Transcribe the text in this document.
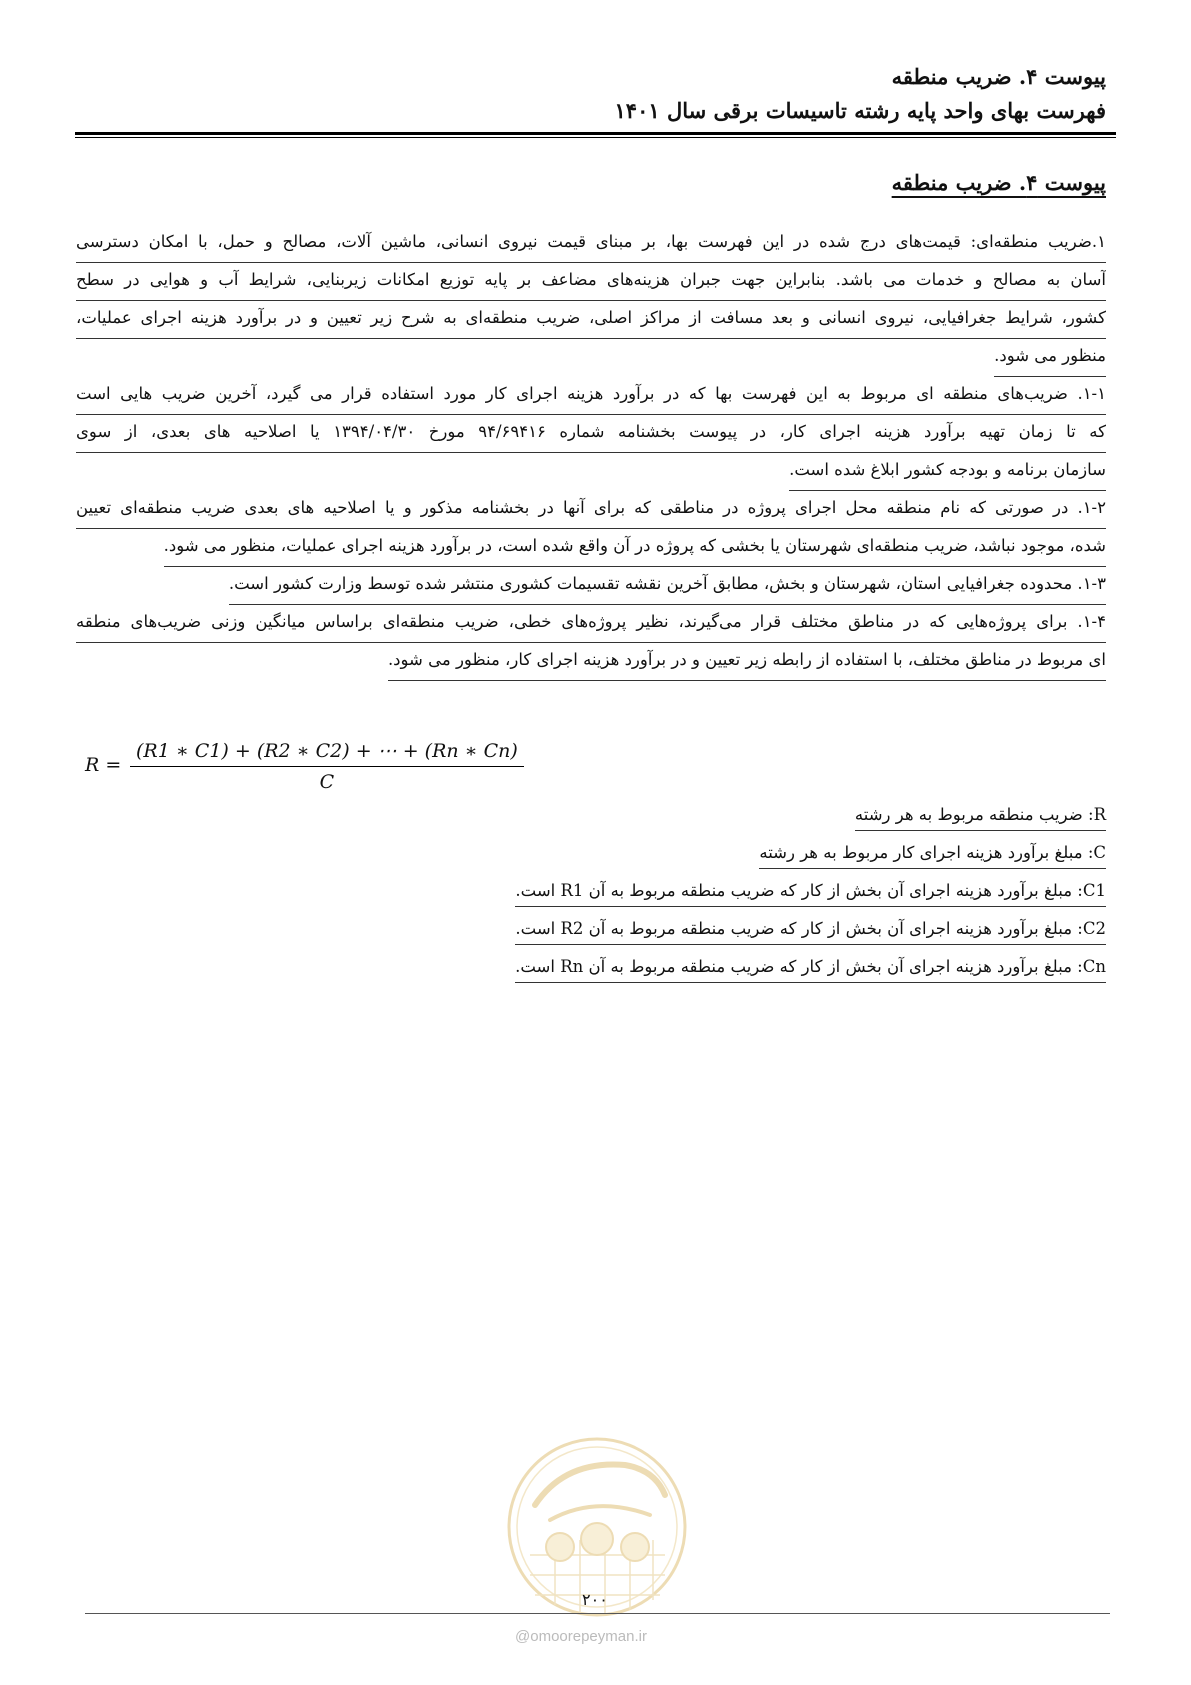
پیوست ۴. ضریب منطقه
فهرست بهای واحد پایه رشته تاسیسات برقی سال ۱۴۰۱
پیوست ۴. ضریب منطقه
۱.ضریب منطقه‌ای: قیمت‌های درج شده در این فهرست بها، بر مبنای قیمت نیروی انسانی، ماشین آلات، مصالح و حمل، با امکان دسترسی
آسان به مصالح و خدمات می باشد. بنابراین جهت جبران هزینه‌های مضاعف بر پایه توزیع امکانات زیربنایی، شرایط آب و هوایی در سطح
کشور، شرایط جغرافیایی، نیروی انسانی و بعد مسافت از مراکز اصلی، ضریب منطقه‌ای به شرح زیر تعیین و در برآورد هزینه اجرای عملیات،
منظور می شود.
۱-۱. ضریب‌های منطقه ای مربوط به این فهرست بها که در برآورد هزینه اجرای کار مورد استفاده قرار می گیرد، آخرین ضریب هایی است
که تا زمان تهیه برآورد هزینه اجرای کار، در پیوست بخشنامه شماره ۹۴/۶۹۴۱۶ مورخ ۱۳۹۴/۰۴/۳۰ یا اصلاحیه های بعدی، از سوی
سازمان برنامه و بودجه کشور ابلاغ شده است.
۱-۲. در صورتی که نام منطقه محل اجرای پروژه در مناطقی که برای آنها در بخشنامه مذکور و یا اصلاحیه های بعدی ضریب منطقه‌ای تعیین
شده، موجود نباشد، ضریب منطقه‌ای شهرستان یا بخشی که پروژه در آن واقع شده است، در برآورد هزینه اجرای عملیات، منظور می شود.
۱-۳. محدوده جغرافیایی استان، شهرستان و بخش، مطابق آخرین نقشه تقسیمات کشوری منتشر شده توسط وزارت کشور است.
۱-۴. برای پروژه‌هایی که در مناطق مختلف قرار می‌گیرند، نظیر پروژه‌های خطی، ضریب منطقه‌ای براساس میانگین وزنی ضریب‌های منطقه
ای مربوط در مناطق مختلف، با استفاده از رابطه زیر تعیین و در برآورد هزینه اجرای کار، منظور می شود.
$R = \frac{(R1 ∗ C1) + (R2 ∗ C2) + \cdots + (Rn ∗ Cn)}{C}$
R: ضریب منطقه مربوط به هر رشته
C: مبلغ برآورد هزینه اجرای کار مربوط به هر رشته
C1: مبلغ برآورد هزینه اجرای آن بخش از کار که ضریب منطقه مربوط به آن R1 است.
C2: مبلغ برآورد هزینه اجرای آن بخش از کار که ضریب منطقه مربوط به آن R2 است.
Cn: مبلغ برآورد هزینه اجرای آن بخش از کار که ضریب منطقه مربوط به آن Rn است.
۲۰۰
@omoorepeyman.ir
